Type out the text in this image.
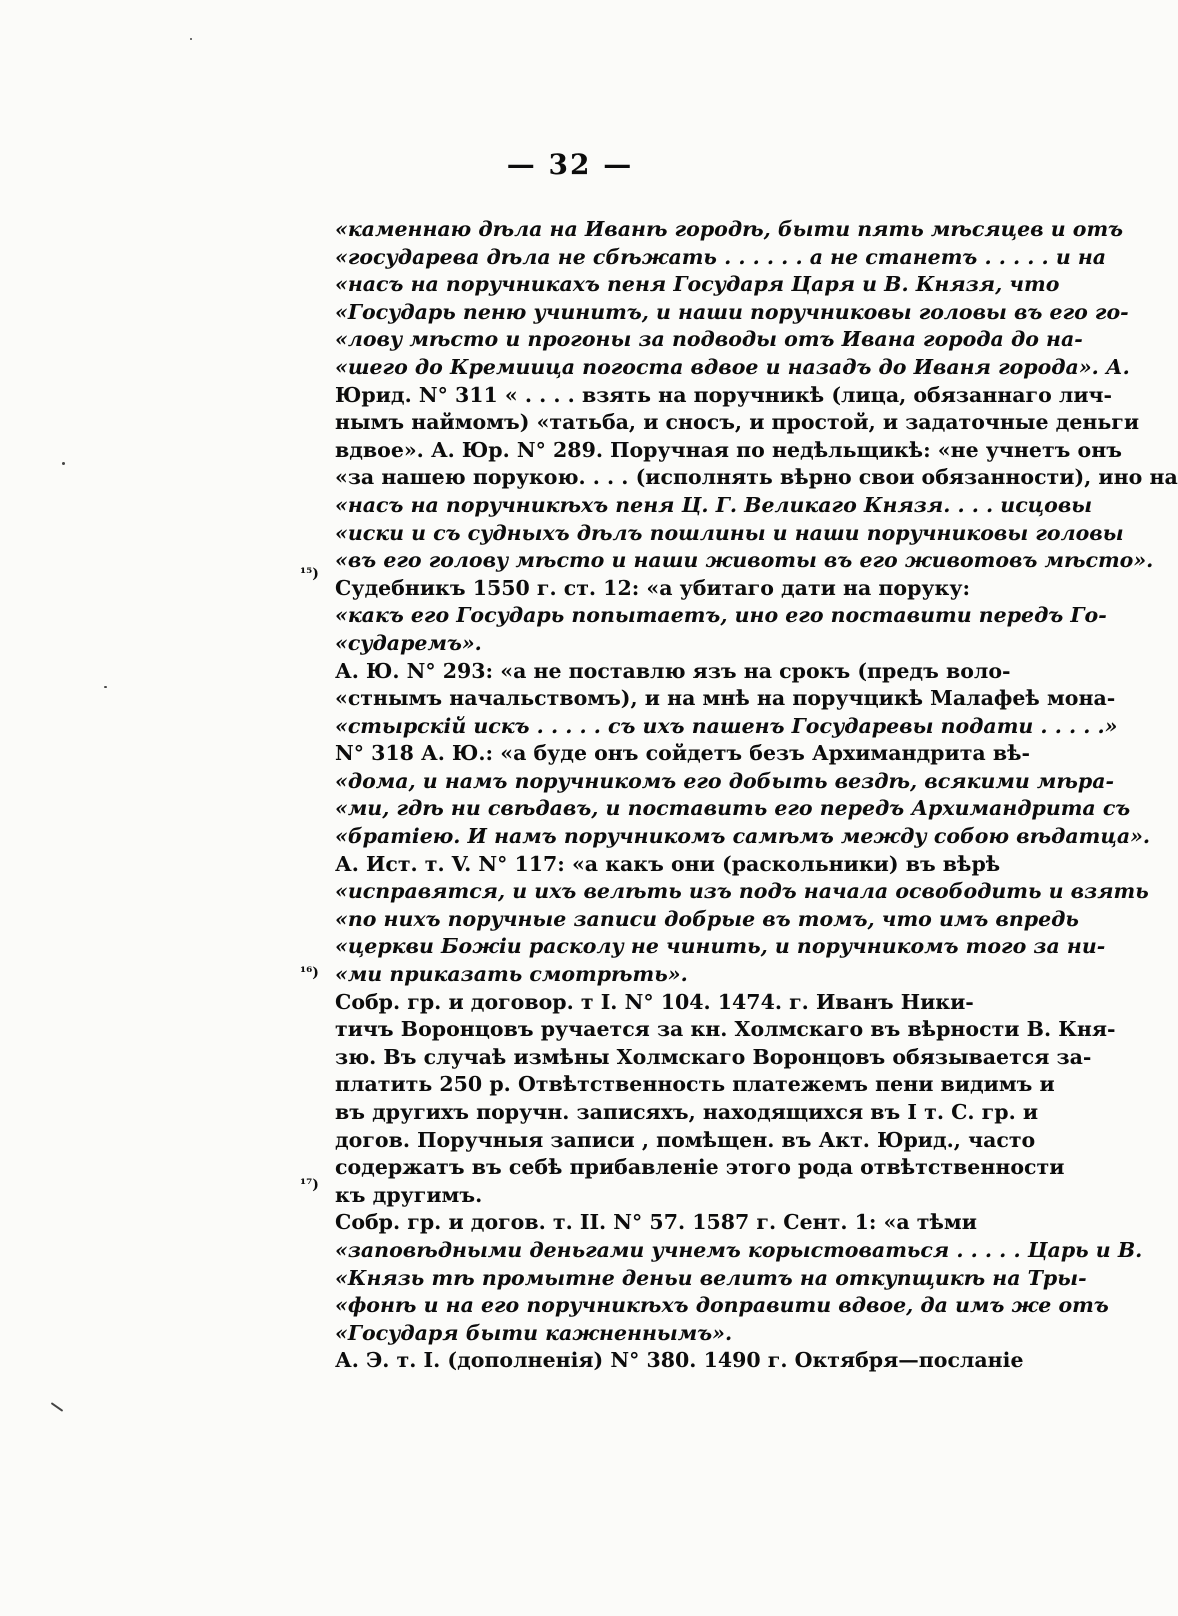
— 32 —
¹⁵)
¹⁶)
¹⁷)
«каменнаю дѣла на Иванѣ городѣ, быти пять мѣсяцев и отъ
«государева дѣла не сбѣжать . . . . . . а не станетъ . . . . . и на
«насъ на поручникахъ пеня Государя Царя и В. Князя, что
«Государь пеню учинитъ, и наши поручниковы головы въ его го-
«лову мѣсто и прогоны за подводы отъ Ивана города до на-
«шего до Кремиица погоста вдвое и назадъ до Иваня города». А.
Юрид. N° 311 « . . . . взять на поручникѣ (лица, обязаннаго лич-
нымъ наймомъ) «татьба, и сносъ, и простой, и задаточные деньги
вдвое». А. Юр. N° 289. Поручная по недѣльщикѣ: «не учнетъ онъ
«за нашею порукою. . . . (исполнять вѣрно свои обязанности), ино на
«насъ на поручникѣхъ пеня Ц. Г. Великаго Князя. . . . исцовы
«иски и съ судныхъ дѣлъ пошлины и наши поручниковы головы
«въ его голову мѣсто и наши животы въ его животовъ мѣсто».
Судебникъ 1550 г. ст. 12: «а убитаго дати на поруку:
«какъ его Государь попытаетъ, ино его поставити передъ Го-
«сударемъ».
А. Ю. N° 293: «а не поставлю язъ на срокъ (предъ воло-
«стнымъ начальствомъ), и на мнѣ на поручцикѣ Малафеѣ мона-
«стырскій искъ . . . . . съ ихъ пашенъ Государевы подати . . . . .»
N° 318 А. Ю.: «а буде онъ сойдетъ безъ Архимандрита вѣ-
«дома, и намъ поручникомъ его добыть вездѣ, всякими мѣра-
«ми, гдѣ ни свѣдавъ, и поставить его передъ Архимандрита съ
«братіею. И намъ поручникомъ самѣмъ между собою вѣдатца».
А. Ист. т. V. N° 117: «а какъ они (раскольники) въ вѣрѣ
«исправятся, и ихъ велѣть изъ подъ начала освободить и взять
«по нихъ поручные записи добрые въ томъ, что имъ впредь
«церкви Божіи расколу не чинить, и поручникомъ того за ни-
«ми приказать смотрѣть».
Собр. гр. и договор. т I. N° 104. 1474. г. Иванъ Ники-
тичъ Воронцовъ ручается за кн. Холмскаго въ вѣрности В. Кня-
зю. Въ случаѣ измѣны Холмскаго Воронцовъ обязывается за-
платить 250 р. Отвѣтственность платежемъ пени видимъ и
въ другихъ поручн. записяхъ, находящихся въ I т. С. гр. и
догов. Поручныя записи , помѣщен. въ Акт. Юрид., часто
содержатъ въ себѣ прибавленіе этого рода отвѣтственности
къ другимъ.
Собр. гр. и догов. т. II. N° 57. 1587 г. Сент. 1: «а тѣми
«заповѣдными деньгами учнемъ корыстоваться . . . . . Царь и В.
«Князь тѣ промытне деньи велитъ на откупщикѣ на Тры-
«фонѣ и на его поручникѣхъ доправити вдвое, да имъ же отъ
«Государя быти кажненнымъ».
А. Э. т. I. (дополненія) N° 380. 1490 г. Октября—посланіе
